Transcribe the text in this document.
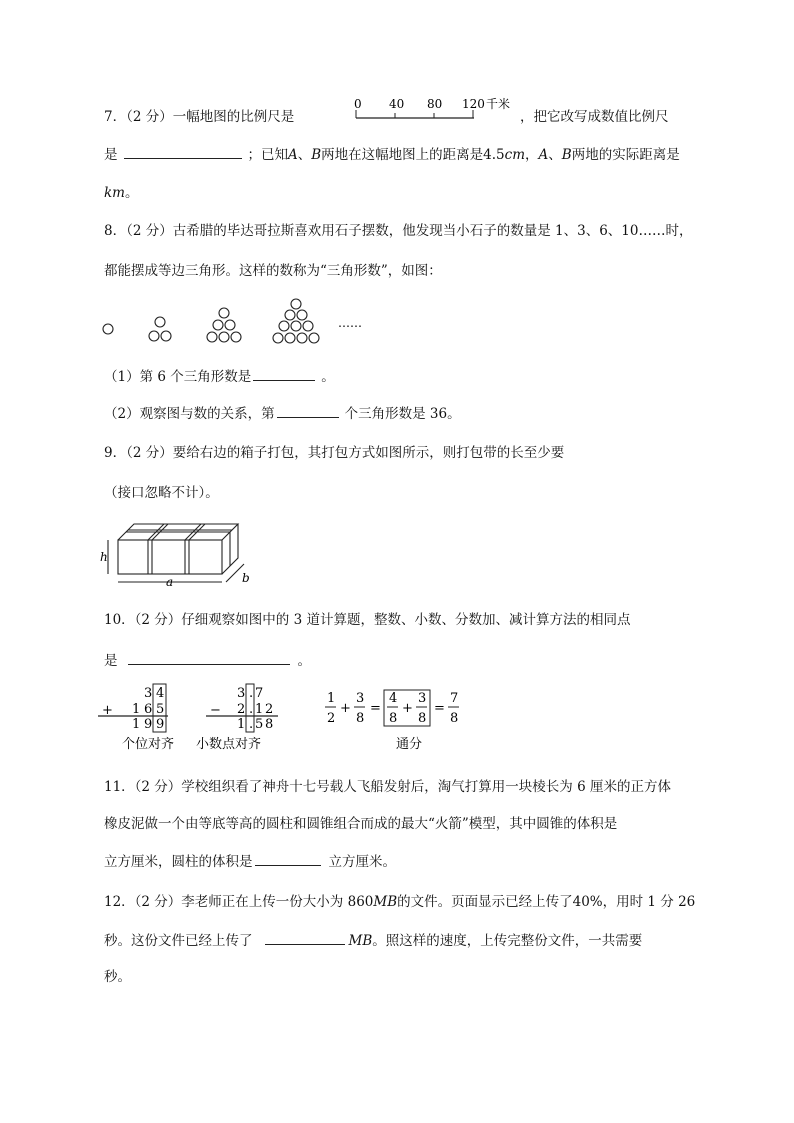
7．（2 分）一幅地图的比例尺是
0 40 80 120 千米
，把它改写成数值比例尺
是	；已知A、B两地在这幅地图上的距离是4.5cm，A、B两地的实际距离是
km。
8．（2 分）古希腊的毕达哥拉斯喜欢用石子摆数，他发现当小石子的数量是 1、3、6、10……时，
都能摆成等边三角形。这样的数称为“三角形数”，如图：
……
（1）第 6 个三角形数是	。
（2）观察图与数的关系，第	个三角形数是 36。
9．（2 分）要给右边的箱子打包，其打包方式如图所示，则打包带的长至少要
（接口忽略不计）。
h
a	b
10．（2 分）仔细观察如图中的 3 道计算题，整数、小数、分数加、减计算方法的相同点
是	。
+
3 4
1 6 5
1 9 9
个位对齐
−
3 . 7
2 . 1 2
1 . 5 8
小数点对齐
1
2
+
3
8
=
4
8
+
3
8
=
7
8
通分
11．（2 分）学校组织看了神舟十七号载人飞船发射后，淘气打算用一块棱长为 6 厘米的正方体
橡皮泥做一个由等底等高的圆柱和圆锥组合而成的最大“火箭”模型，其中圆锥的体积是
立方厘米，圆柱的体积是	立方厘米。
12．（2 分）李老师正在上传一份大小为 860MB的文件。页面显示已经上传了40%，用时 1 分 26
秒。这份文件已经上传了	MB。照这样的速度，上传完整份文件，一共需要
秒。
